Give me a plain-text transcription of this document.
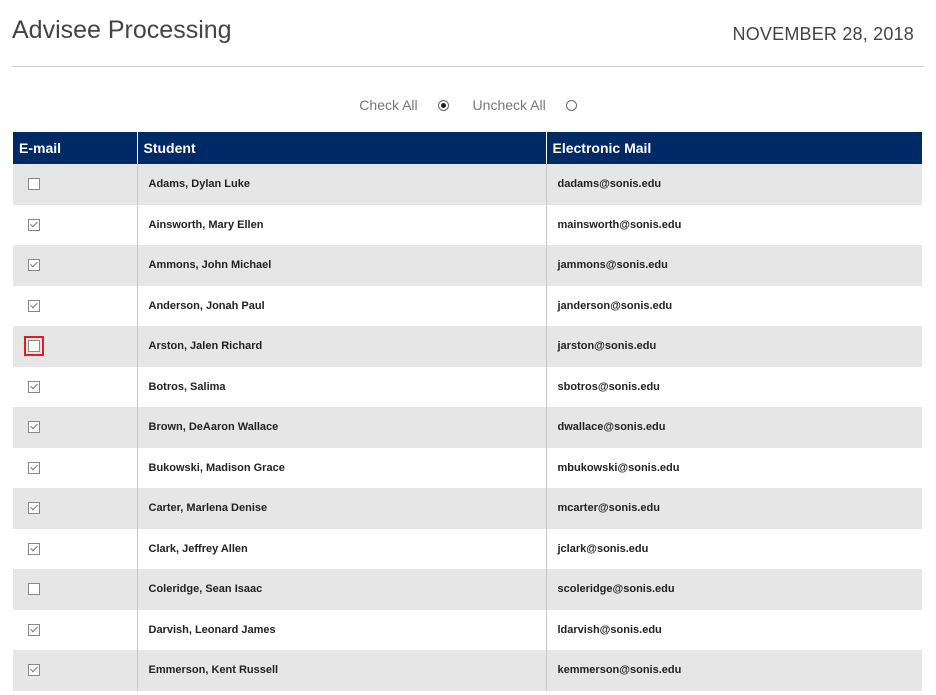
Advisee Processing	NOVEMBER 28, 2018
Check All
	Uncheck All
E-mail	Student	Electronic Mail
	Adams, Dylan Luke	dadams@sonis.edu
	Ainsworth, Mary Ellen	mainsworth@sonis.edu
	Ammons, John Michael	jammons@sonis.edu
	Anderson, Jonah Paul	janderson@sonis.edu
	Arston, Jalen Richard	jarston@sonis.edu
	Botros, Salima	sbotros@sonis.edu
	Brown, DeAaron Wallace	dwallace@sonis.edu
	Bukowski, Madison Grace	mbukowski@sonis.edu
	Carter, Marlena Denise	mcarter@sonis.edu
	Clark, Jeffrey Allen	jclark@sonis.edu
	Coleridge, Sean Isaac	scoleridge@sonis.edu
	Darvish, Leonard James	ldarvish@sonis.edu
	Emmerson, Kent Russell	kemmerson@sonis.edu
